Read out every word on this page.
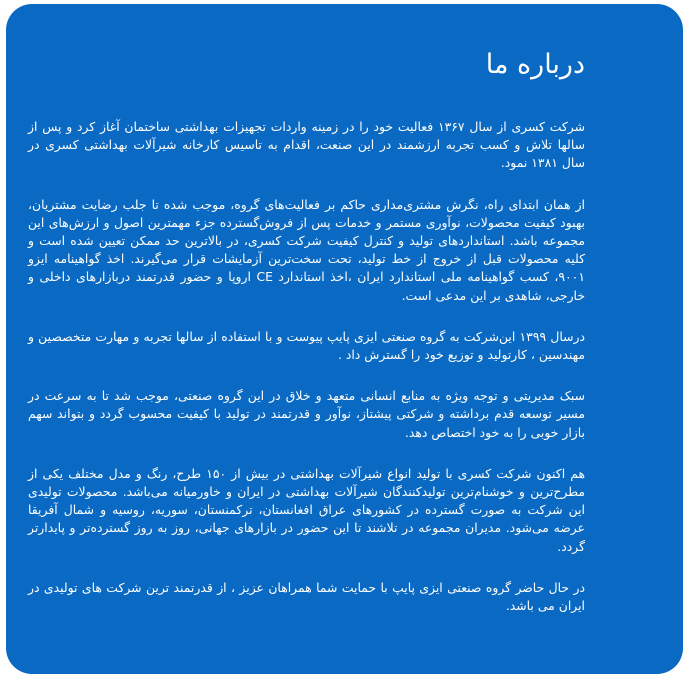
درباره ما

شرکت کسری از سال ۱۳۶۷ فعالیت خود را در زمینه واردات تجهیزات بهداشتی ساختمان آغاز کرد و پس از سالها تلاش و کسب تجربه ارزشمند در این صنعت، اقدام به تاسیس کارخانه شیرآلات بهداشتی کسری در سال ۱۳۸۱ نمود.

از همان ابتدای راه، نگرش مشتری‌مداری حاکم بر فعالیت‌های گروه، موجب شده تا جلب رضایت مشتریان، بهبود کیفیت محصولات، نوآوری مستمر و خدمات پس از فروش‌گسترده جزء مهمترین اصول و ارزش‌های این مجموعه باشد. استانداردهای تولید و کنترل کیفیت شرکت کسری، در بالاترین حد ممکن تعیین شده است و کلیه محصولات قبل از خروج از خط تولید، تحت سخت‌ترین آزمایشات قرار می‌گیرند. اخذ گواهینامه ایزو ۹۰۰۱، کسب گواهینامه ملی استاندارد ایران ،اخذ استاندارد CE اروپا و حضور قدرتمند دربازارهای داخلی و خارجی، شاهدی بر این مدعی است.

درسال ۱۳۹۹ این‌شرکت به گروه صنعتی ایزی پایپ پیوست و با استفاده از سالها تجربه و مهارت متخصصین و مهندسین ، کارتولید و توزیع خود را گسترش داد .

سبک مدیریتی و توجه ویژه به منابع انسانی متعهد و خلاق در این گروه صنعتی، موجب شد تا به سرعت در مسیر توسعه قدم برداشته و شرکتی پیشتاز، نوآور و قدرتمند در تولید با کیفیت محسوب گردد و بتواند سهم بازار خوبی را به خود اختصاص دهد.

هم اکنون شرکت کسری با تولید انواع شیرآلات بهداشتی در بیش از ۱۵۰ طرح، رنگ و مدل مختلف یکی از مطرح‌ترین و خوشنام‌ترین تولیدکنندگان شیرآلات بهداشتی در ایران و خاورمیانه می‌باشد. محصولات تولیدی این شرکت به صورت گسترده در کشورهای عراق افغانستان، ترکمنستان، سوریه، روسیه و شمال آفریقا عرضه می‌شود. مدیران مجموعه در تلاشند تا این حضور در بازارهای جهانی، روز به روز گسترده‌تر و پایدارتر گردد.

در حال حاضر گروه صنعتی ایزی پایپ با حمایت شما همراهان عزیز ، از قدرتمند ترین شرکت های تولیدی در ایران می باشد.
